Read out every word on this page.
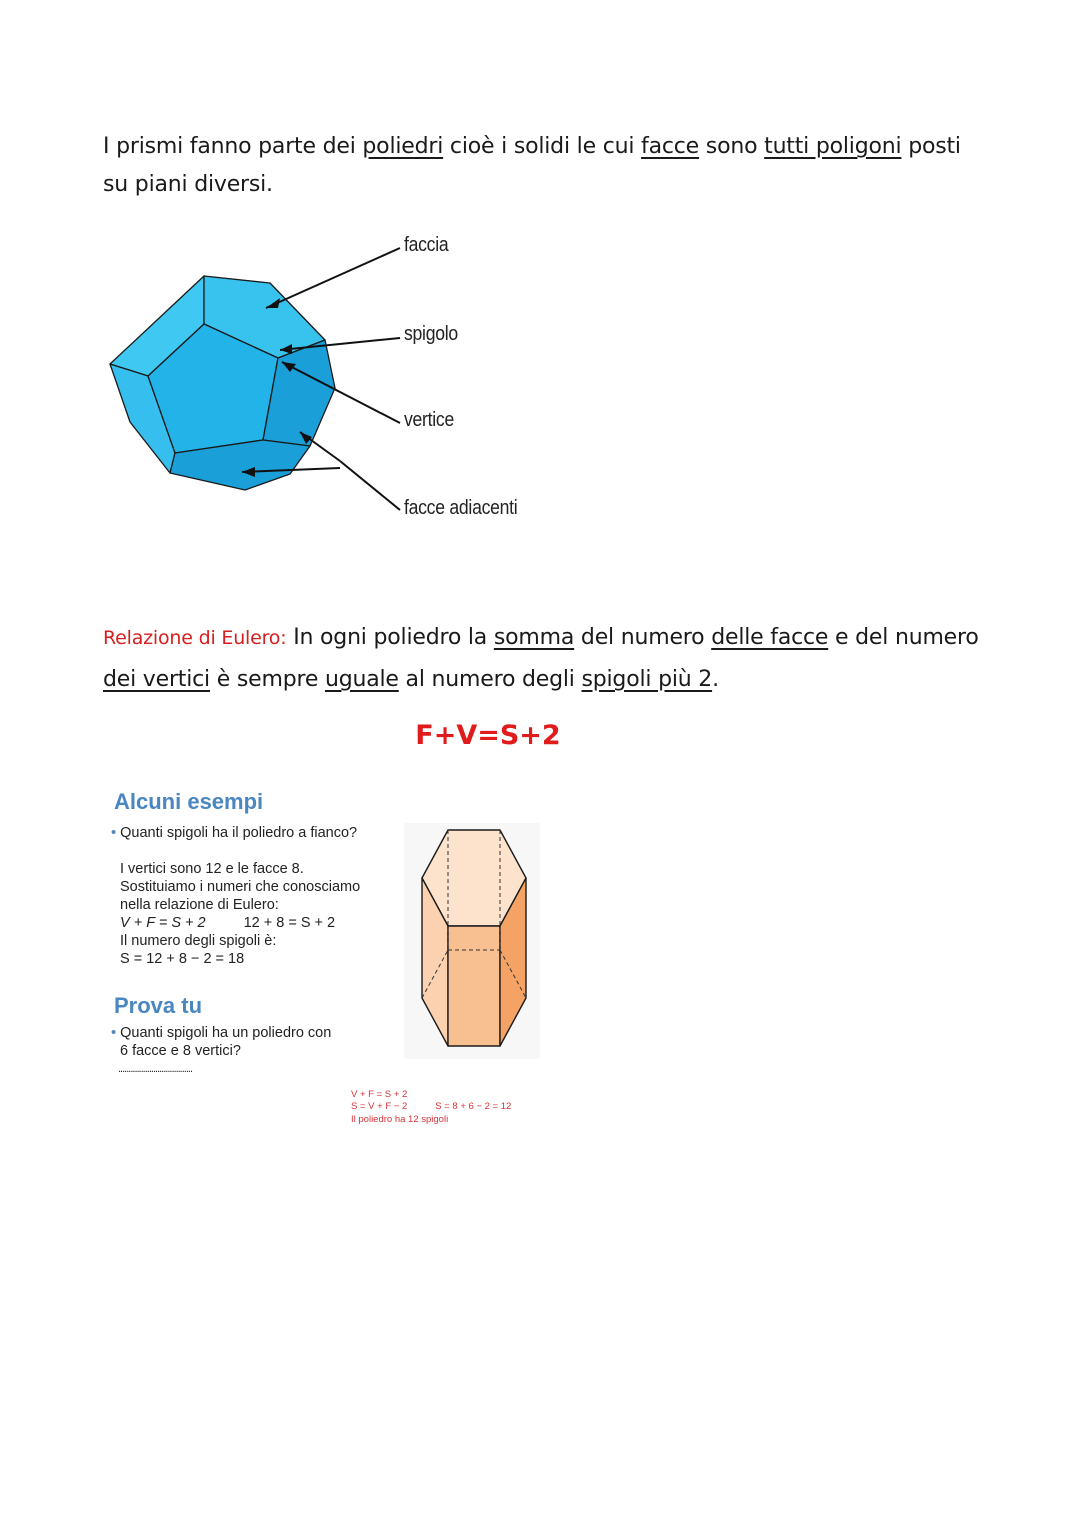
I prismi fanno parte dei poliedri cioè i solidi le cui facce sono tutti poligoni posti su piani diversi.

faccia
spigolo
vertice
facce adiacenti

Relazione di Eulero: In ogni poliedro la somma del numero delle facce e del numero dei vertici è sempre uguale al numero degli spigoli più 2.

F+V=S+2
Alcuni esempi
• Quanti spigoli ha il poliedro a fianco?
I vertici sono 12 e le facce 8.
Sostituiamo i numeri che conosciamo
nella relazione di Eulero:
V + F = S + 2	12 + 8 = S + 2
Il numero degli spigoli è:
S = 12 + 8 − 2 = 18
Prova tu
• Quanti spigoli ha un poliedro con
6 facce e 8 vertici?
....................................
V + F = S + 2
S = V + F − 2	S = 8 + 6 − 2 = 12
Il poliedro ha 12 spigoli
